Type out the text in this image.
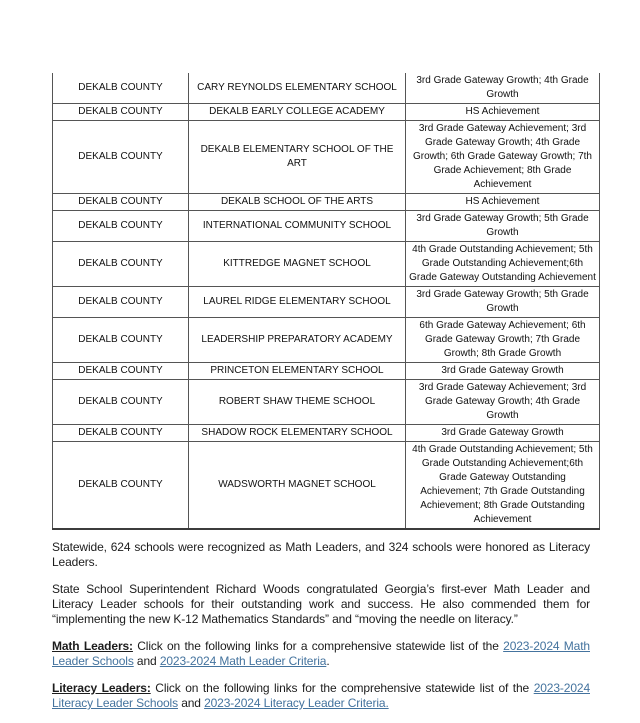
DEKALB COUNTY	CARY REYNOLDS ELEMENTARY SCHOOL	3rd Grade Gateway Growth; 4th Grade Growth
DEKALB COUNTY	DEKALB EARLY COLLEGE ACADEMY	HS Achievement
DEKALB COUNTY	DEKALB ELEMENTARY SCHOOL OF THE ART	3rd Grade Gateway Achievement; 3rd Grade Gateway Growth; 4th Grade Growth; 6th Grade Gateway Growth; 7th Grade Achievement; 8th Grade Achievement
DEKALB COUNTY	DEKALB SCHOOL OF THE ARTS	HS Achievement
DEKALB COUNTY	INTERNATIONAL COMMUNITY SCHOOL	3rd Grade Gateway Growth; 5th Grade Growth
DEKALB COUNTY	KITTREDGE MAGNET SCHOOL	4th Grade Outstanding Achievement; 5th Grade Outstanding Achievement;6th Grade Gateway Outstanding Achievement
DEKALB COUNTY	LAUREL RIDGE ELEMENTARY SCHOOL	3rd Grade Gateway Growth; 5th Grade Growth
DEKALB COUNTY	LEADERSHIP PREPARATORY ACADEMY	6th Grade Gateway Achievement; 6th Grade Gateway Growth; 7th Grade Growth; 8th Grade Growth
DEKALB COUNTY	PRINCETON ELEMENTARY SCHOOL	3rd Grade Gateway Growth
DEKALB COUNTY	ROBERT SHAW THEME SCHOOL	3rd Grade Gateway Achievement; 3rd Grade Gateway Growth; 4th Grade Growth
DEKALB COUNTY	SHADOW ROCK ELEMENTARY SCHOOL	3rd Grade Gateway Growth
DEKALB COUNTY	WADSWORTH MAGNET SCHOOL	4th Grade Outstanding Achievement; 5th Grade Outstanding Achievement;6th Grade Gateway Outstanding Achievement; 7th Grade Outstanding Achievement; 8th Grade Outstanding Achievement

Statewide, 624 schools were recognized as Math Leaders, and 324 schools were honored as Literacy Leaders.

State School Superintendent Richard Woods congratulated Georgia’s first-ever Math Leader and Literacy Leader schools for their outstanding work and success. He also commended them for “implementing the new K-12 Mathematics Standards” and “moving the needle on literacy.”

Math Leaders: Click on the following links for a comprehensive statewide list of the 2023-2024 Math Leader Schools and 2023-2024 Math Leader Criteria.

Literacy Leaders: Click on the following links for the comprehensive statewide list of the 2023-2024 Literacy Leader Schools and 2023-2024 Literacy Leader Criteria.
